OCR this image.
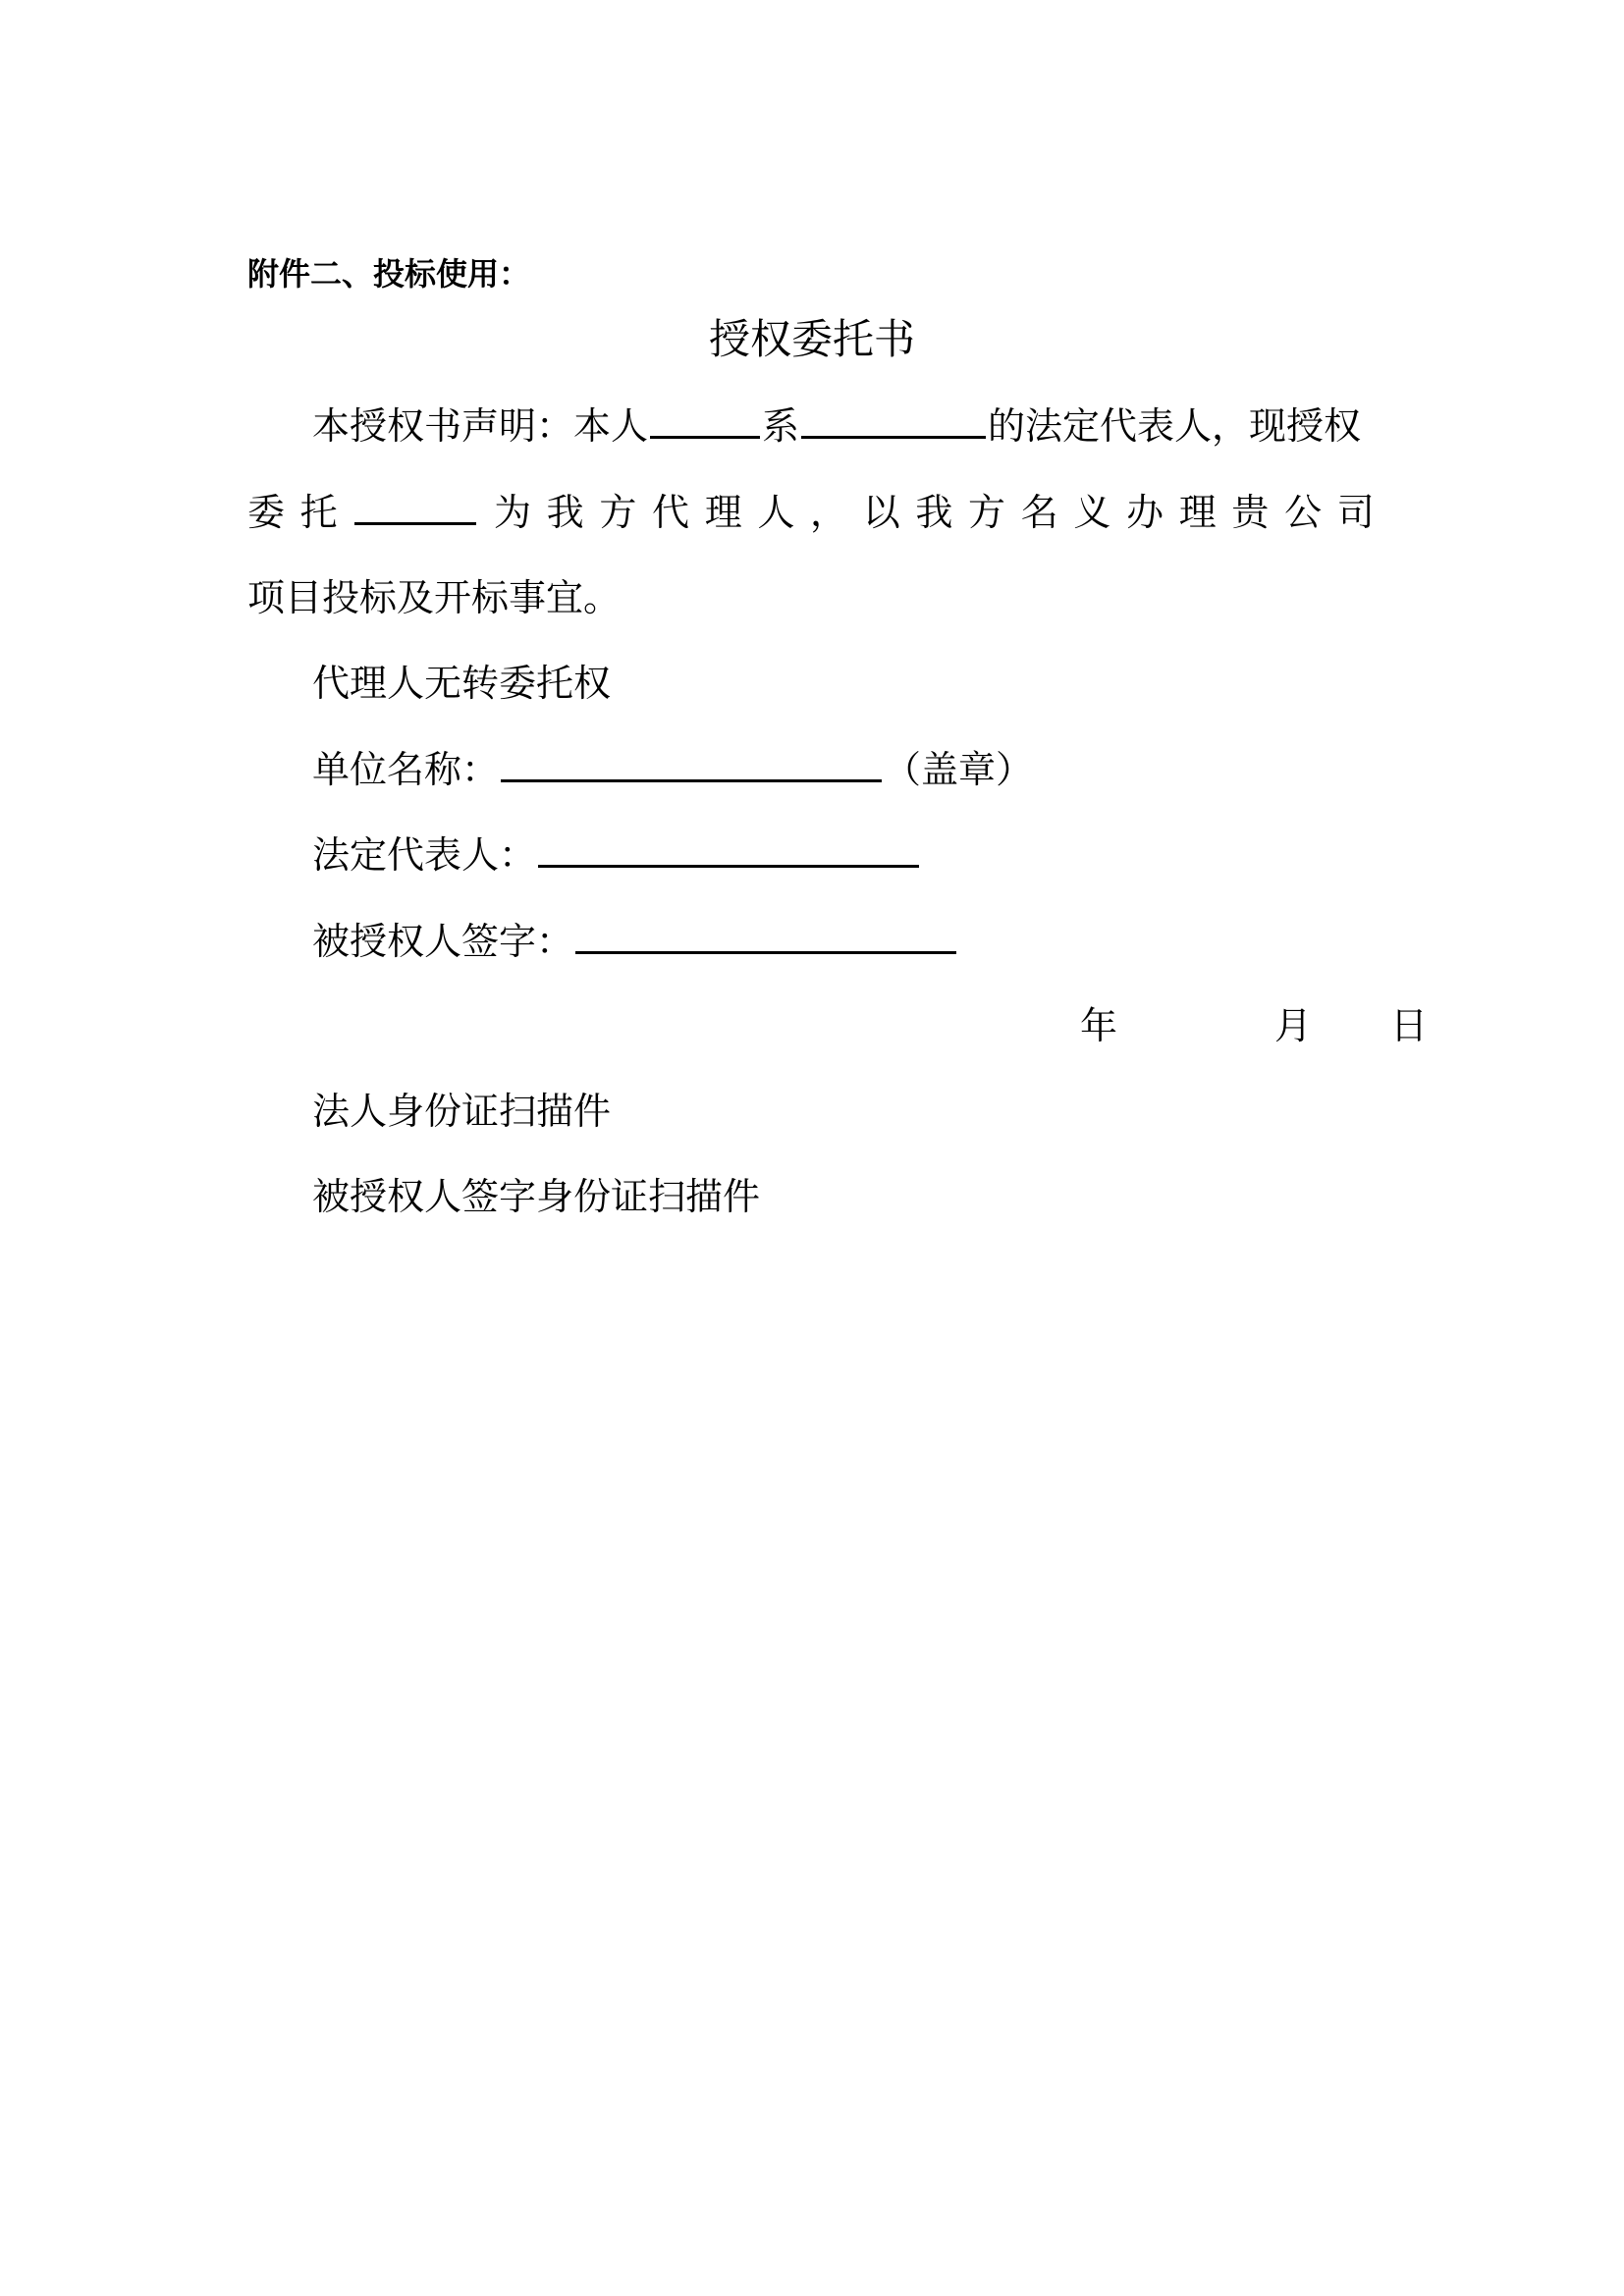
附件二、投标使用：
授权委托书
本授权书声明：本人	系	的法定代表人，现授权
委 托	为 我 方 代 理 人 ， 以 我 方 名 义 办 理 贵 公 司
项目投标及开标事宜。
代理人无转委托权
单位名称：	（盖章）
法定代表人：
被授权人签字：
年	月 日
法人身份证扫描件
被授权人签字身份证扫描件
